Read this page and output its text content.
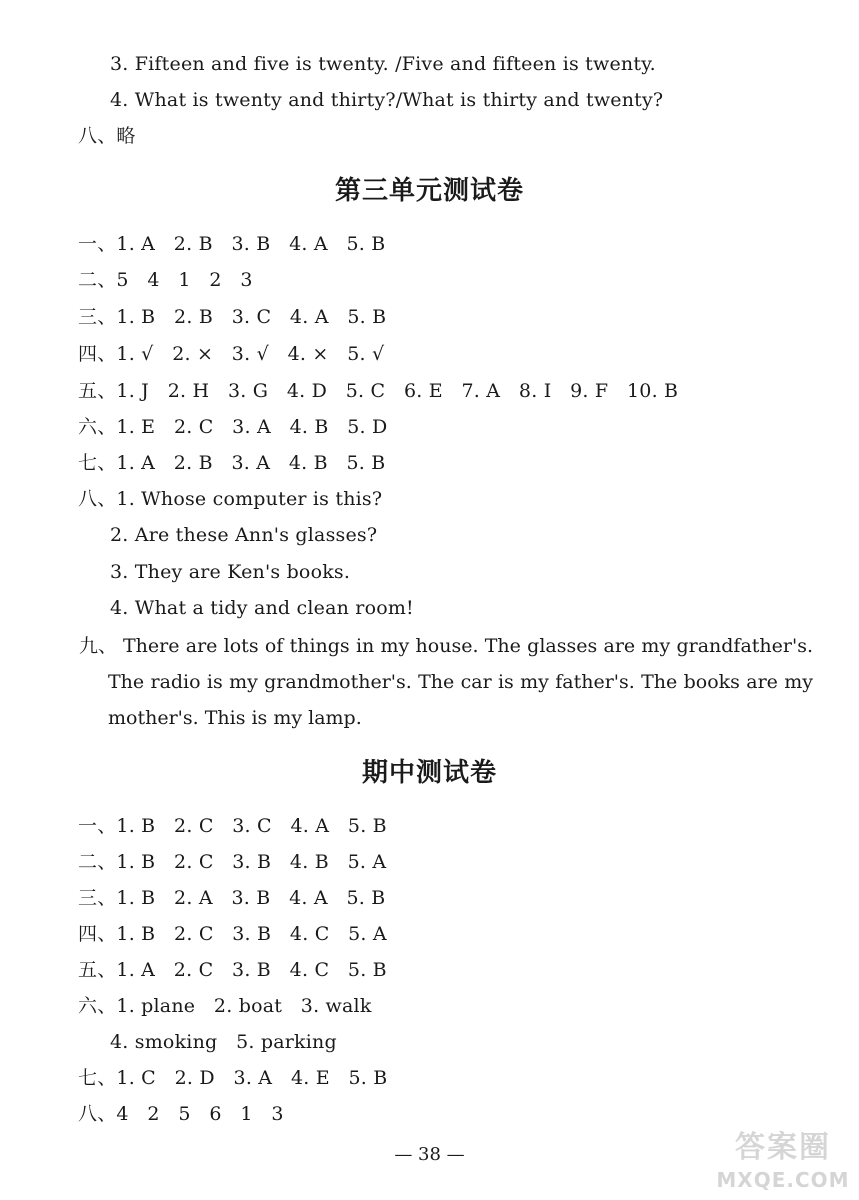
3. Fifteen and five is twenty. /Five and fifteen is twenty.
4. What is twenty and thirty?/What is thirty and twenty?
八、略
第三单元测试卷
一、1. A   2. B   3. B   4. A   5. B
二、5   4   1   2   3
三、1. B   2. B   3. C   4. A   5. B
四、1. √   2. ×   3. √   4. ×   5. √
五、1. J   2. H   3. G   4. D   5. C   6. E   7. A   8. I   9. F   10. B
六、1. E   2. C   3. A   4. B   5. D
七、1. A   2. B   3. A   4. B   5. B
八、1. Whose computer is this?
2. Are these Ann's glasses?
3. They are Ken's books.
4. What a tidy and clean room!
九、 There are lots of things in my house. The glasses are my grandfather's. The radio is my grandmother's. The car is my father's. The books are my mother's. This is my lamp.
期中测试卷
一、1. B   2. C   3. C   4. A   5. B
二、1. B   2. C   3. B   4. B   5. A
三、1. B   2. A   3. B   4. A   5. B
四、1. B   2. C   3. B   4. C   5. A
五、1. A   2. C   3. B   4. C   5. B
六、1. plane   2. boat   3. walk
4. smoking   5. parking
七、1. C   2. D   3. A   4. E   5. B
八、4   2   5   6   1   3
— 38 —	答案圈
MXQE.COM
